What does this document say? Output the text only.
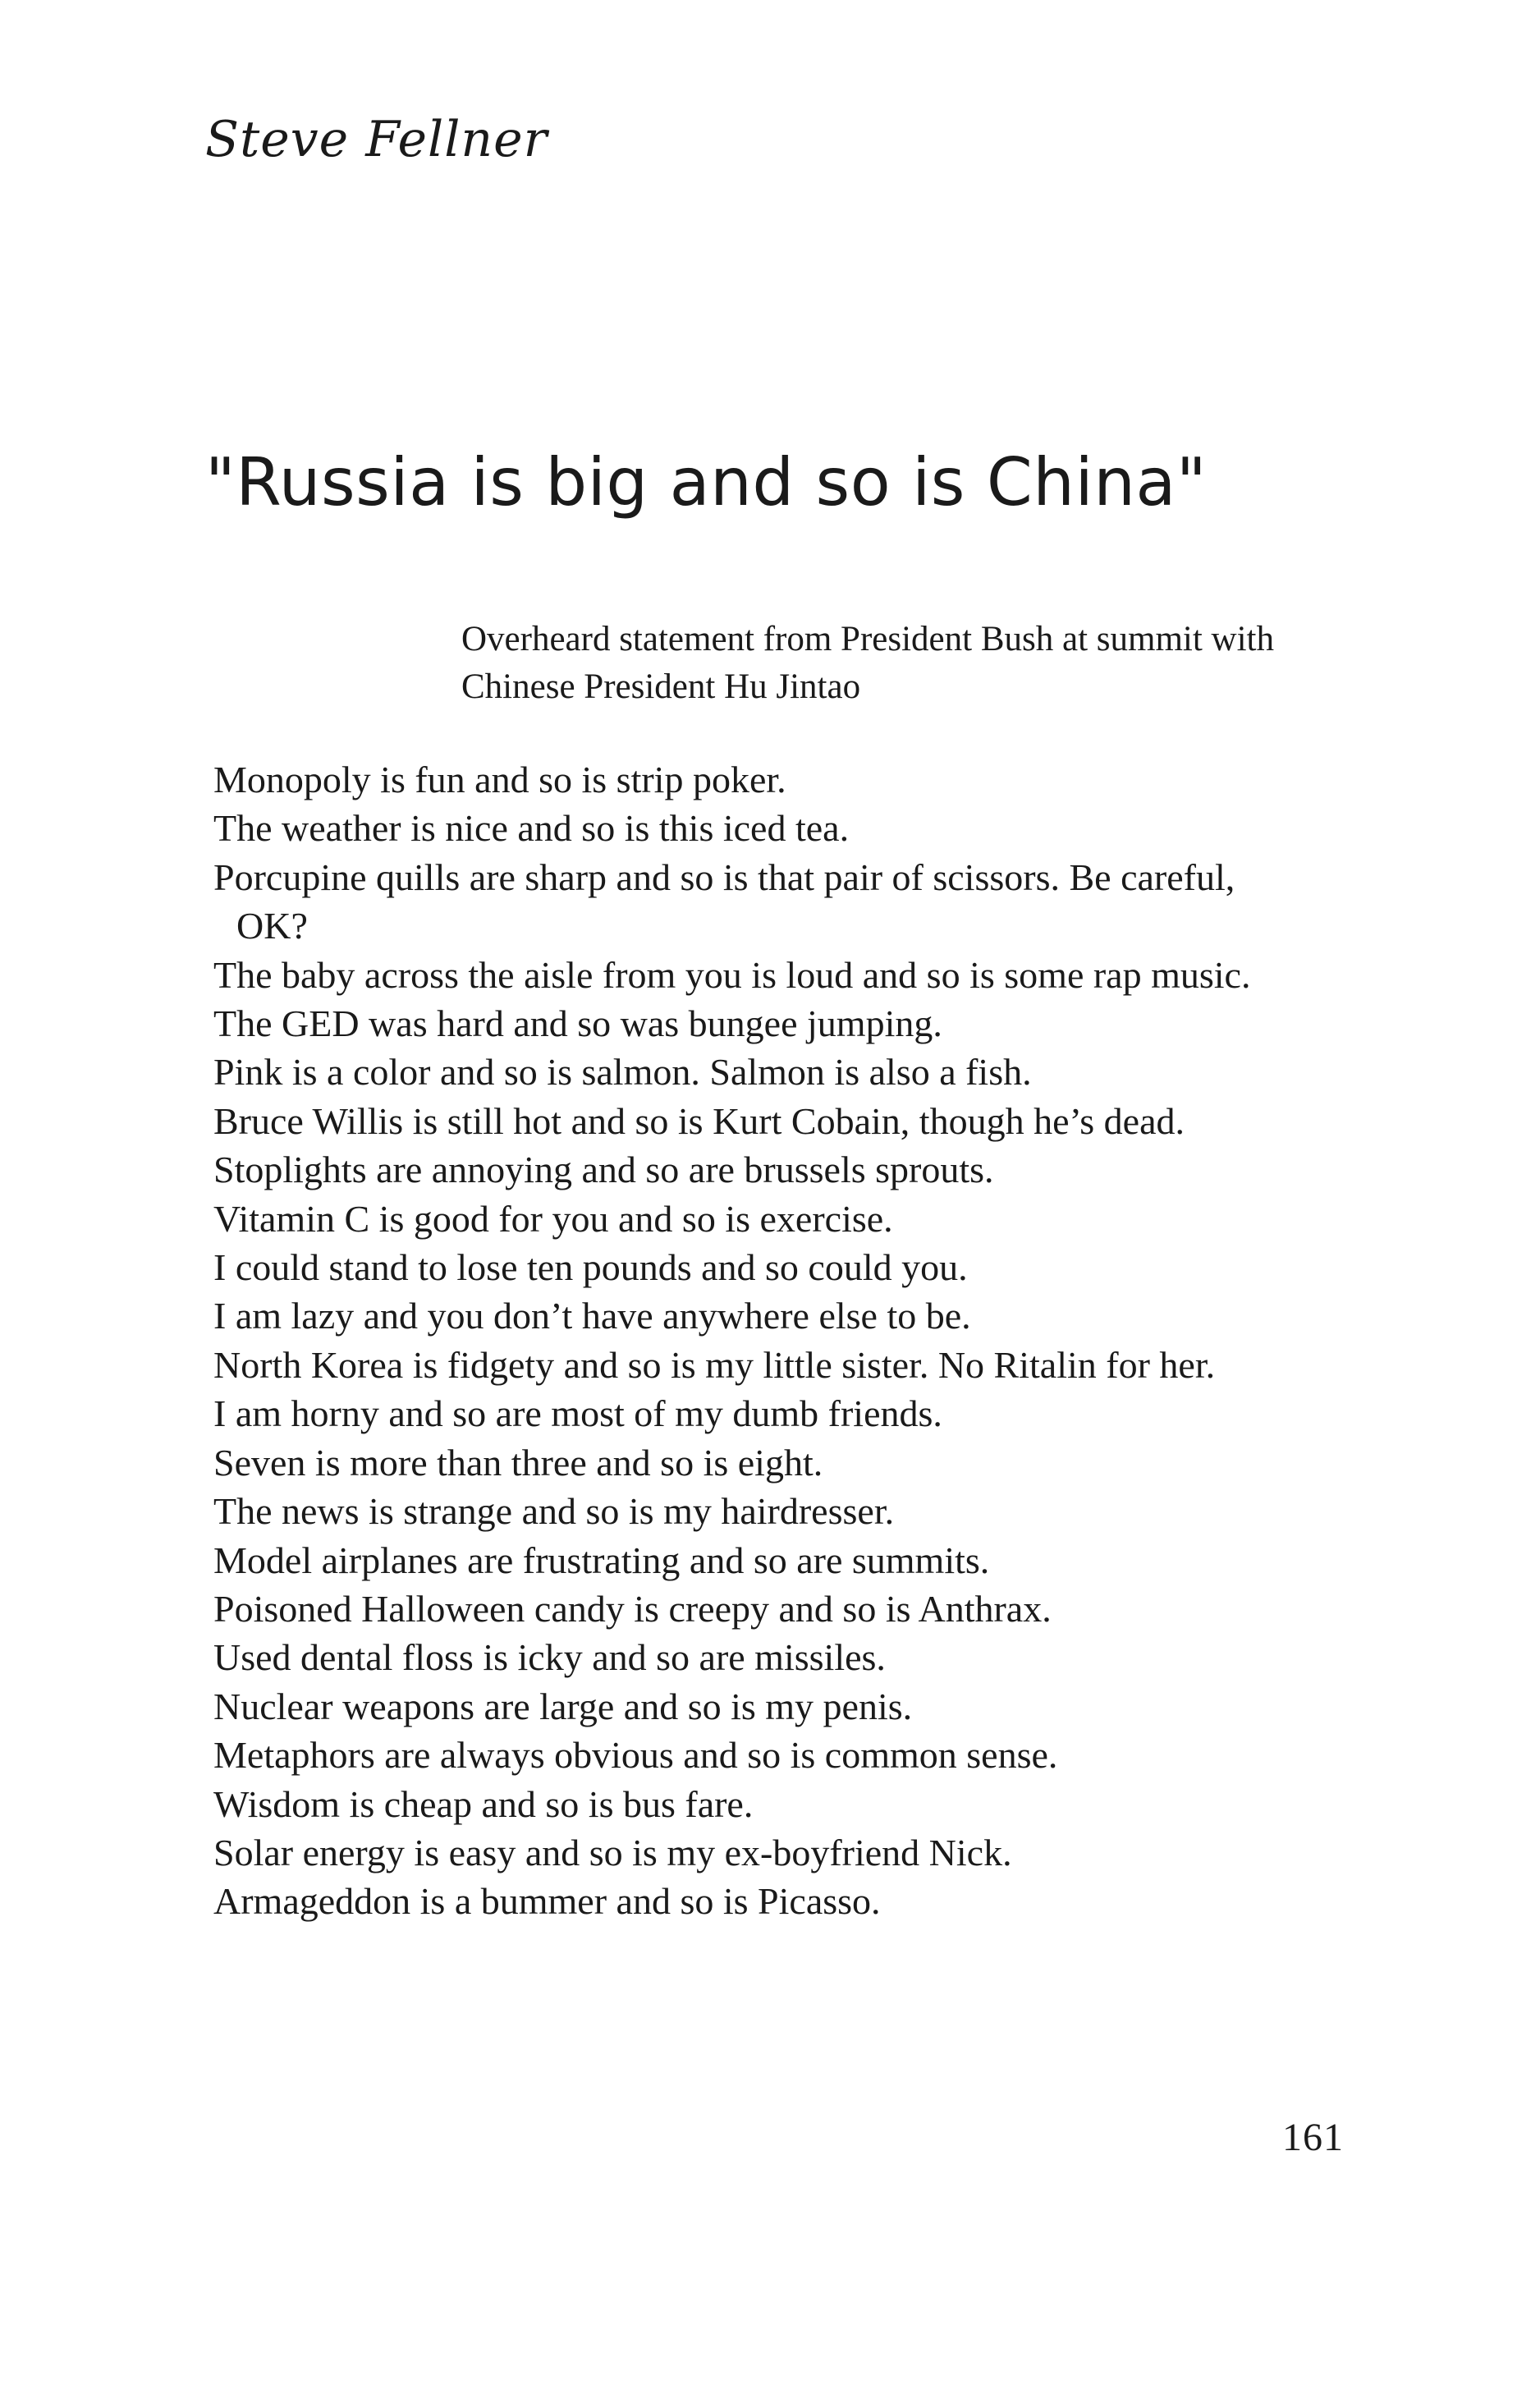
Steve Fellner
"Russia is big and so is China"
Overheard statement from President Bush at summit with
Chinese President Hu Jintao
Monopoly is fun and so is strip poker.
The weather is nice and so is this iced tea.
Porcupine quills are sharp and so is that pair of scissors. Be careful,
OK?
The baby across the aisle from you is loud and so is some rap music.
The GED was hard and so was bungee jumping.
Pink is a color and so is salmon. Salmon is also a fish.
Bruce Willis is still hot and so is Kurt Cobain, though he’s dead.
Stoplights are annoying and so are brussels sprouts.
Vitamin C is good for you and so is exercise.
I could stand to lose ten pounds and so could you.
I am lazy and you don’t have anywhere else to be.
North Korea is fidgety and so is my little sister. No Ritalin for her.
I am horny and so are most of my dumb friends.
Seven is more than three and so is eight.
The news is strange and so is my hairdresser.
Model airplanes are frustrating and so are summits.
Poisoned Halloween candy is creepy and so is Anthrax.
Used dental floss is icky and so are missiles.
Nuclear weapons are large and so is my penis.
Metaphors are always obvious and so is common sense.
Wisdom is cheap and so is bus fare.
Solar energy is easy and so is my ex-boyfriend Nick.
Armageddon is a bummer and so is Picasso.
161
